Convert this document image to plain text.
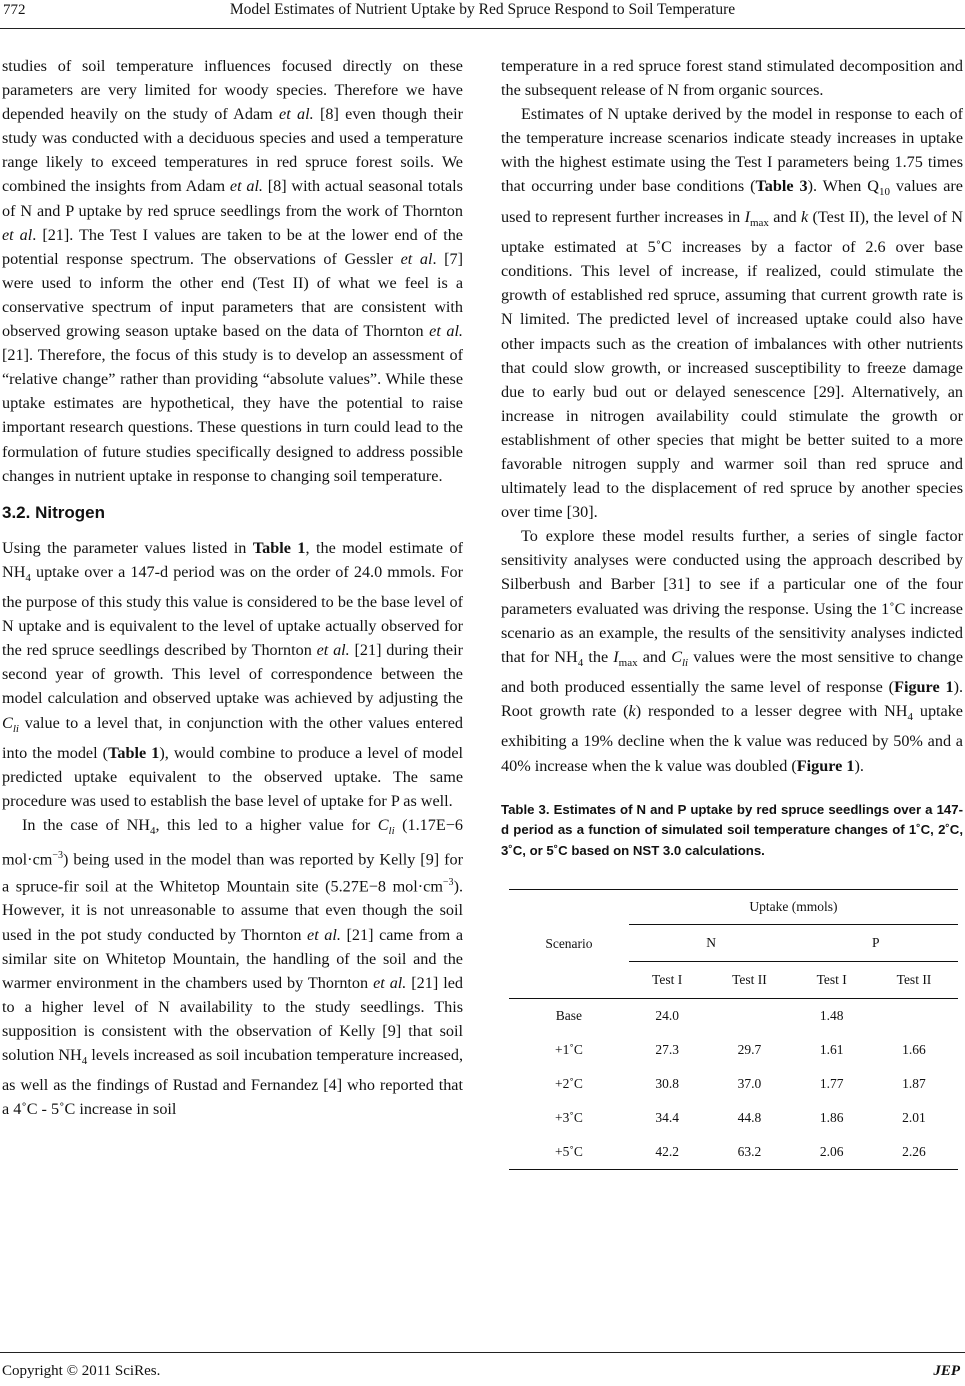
772	Model Estimates of Nutrient Uptake by Red Spruce Respond to Soil Temperature

studies of soil temperature influences focused directly on these parameters are very limited for woody species. Therefore we have depended heavily on the study of Adam et al. [8] even though their study was conducted with a deciduous species and used a temperature range likely to exceed temperatures in red spruce forest soils. We combined the insights from Adam et al. [8] with actual seasonal totals of N and P uptake by red spruce seedlings from the work of Thornton et al. [21]. The Test I values are taken to be at the lower end of the potential response spectrum. The observations of Gessler et al. [7] were used to inform the other end (Test II) of what we feel is a conservative spectrum of input parameters that are consistent with observed growing season uptake based on the data of Thornton et al. [21]. Therefore, the focus of this study is to develop an assessment of “relative change” rather than providing “absolute values”. While these uptake estimates are hypothetical, they have the potential to raise important research questions. These questions in turn could lead to the formulation of future studies specifically designed to address possible changes in nutrient uptake in response to changing soil temperature.

3.2. Nitrogen

Using the parameter values listed in Table 1, the model estimate of $NH_4$ uptake over a 147-d period was on the order of 24.0 mmols. For the purpose of this study this value is considered to be the base level of N uptake and is equivalent to the level of uptake actually observed for the red spruce seedlings described by Thornton et al. [21] during their second year of growth. This level of correspondence between the model calculation and observed uptake was achieved by adjusting the $C_{li}$ value to a level that, in conjunction with the other values entered into the model (Table 1), would combine to produce a level of model predicted uptake equivalent to the observed uptake. The same procedure was used to establish the base level of uptake for P as well.

In the case of $NH_4$, this led to a higher value for $C_{li}$ (1.17E−6 $mol\cdot cm^{-3}$) being used in the model than was reported by Kelly [9] for a spruce-fir soil at the Whitetop Mountain site (5.27E−8 $mol\cdot cm^{-3}$). However, it is not unreasonable to assume that even though the soil used in the pot study conducted by Thornton et al. [21] came from a similar site on Whitetop Mountain, the handling of the soil and the warmer environment in the chambers used by Thornton et al. [21] led to a higher level of N availability to the study seedlings. This supposition is consistent with the observation of Kelly [9] that soil solution $NH_4$ levels increased as soil incubation temperature increased, as well as the findings of Rustad and Fernandez [4] who reported that a 4˚C - 5˚C increase in soil

temperature in a red spruce forest stand stimulated decomposition and the subsequent release of N from organic sources.

Estimates of N uptake derived by the model in response to each of the temperature increase scenarios indicate steady increases in uptake with the highest estimate using the Test I parameters being 1.75 times that occurring under base conditions (Table 3). When $Q_{10}$ values are used to represent further increases in $I_{max}$ and k (Test II), the level of N uptake estimated at 5˚C increases by a factor of 2.6 over base conditions. This level of increase, if realized, could stimulate the growth of established red spruce, assuming that current growth rate is N limited. The predicted level of increased uptake could also have other impacts such as the creation of imbalances with other nutrients that could slow growth, or increased susceptibility to freeze damage due to early bud out or delayed senescence [29]. Alternatively, an increase in nitrogen availability could stimulate the growth or establishment of other species that might be better suited to a more favorable nitrogen supply and warmer soil than red spruce and ultimately lead to the displacement of red spruce by another species over time [30].

To explore these model results further, a series of single factor sensitivity analyses were conducted using the approach described by Silberbush and Barber [31] to see if a particular one of the four parameters evaluated was driving the response. Using the 1˚C increase scenario as an example, the results of the sensitivity analyses indicted that for $NH_4$ the $I_{max}$ and $C_{li}$ values were the most sensitive to change and both produced essentially the same level of response (Figure 1). Root growth rate (k) responded to a lesser degree with $NH_4$ uptake exhibiting a 19% decline when the k value was reduced by 50% and a 40% increase when the k value was doubled (Figure 1).

Table 3. Estimates of N and P uptake by red spruce seedlings over a 147-d period as a function of simulated soil temperature changes of 1˚C, 2˚C, 3˚C, or 5˚C based on NST 3.0 calculations.
Scenario	Uptake (mmols)			
	N		P	
	Test I	Test II	Test I	Test II
Base	24.0		1.48	
+1˚C	27.3	29.7	1.61	1.66
+2˚C	30.8	37.0	1.77	1.87
+3˚C	34.4	44.8	1.86	2.01
+5˚C	42.2	63.2	2.06	2.26
Copyright © 2011 SciRes.	JEP
